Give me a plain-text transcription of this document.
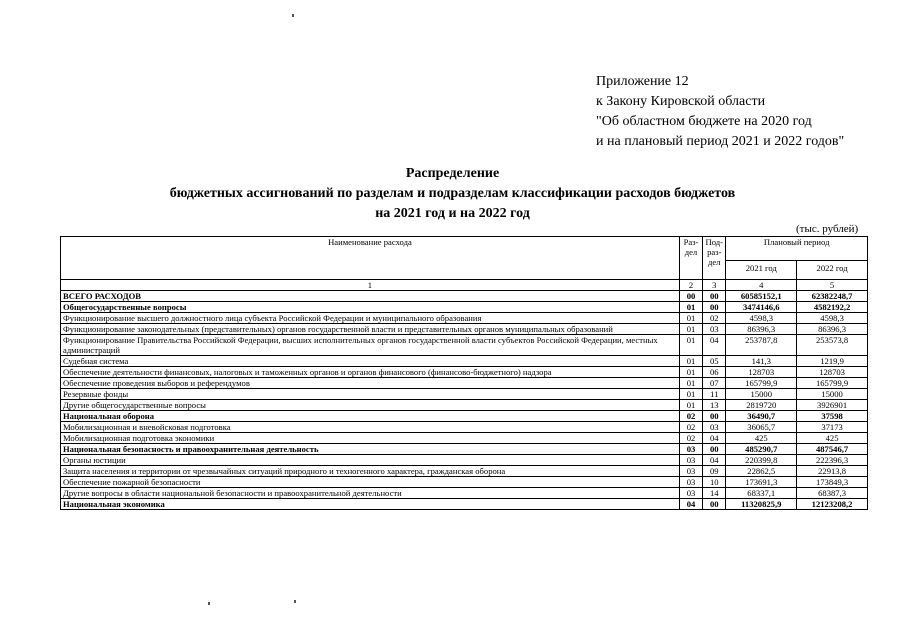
Приложение 12
к Закону Кировской области
"Об областном бюджете на 2020 год
и на плановый период 2021 и 2022 годов"
Распределение
бюджетных ассигнований по разделам и подразделам классификации расходов бюджетов
на 2021 год и на 2022 год
(тыс. рублей)
Наименование расхода	Раз-дел	Под-раз-дел	Плановый период	
			2021 год	2022 год
1	2	3	4	5
ВСЕГО РАСХОДОВ	00	00	60585152,1	62382248,7
Общегосударственные вопросы	01	00	3474146,6	4582192,2
Функционирование высшего должностного лица субъекта Российской Федерации и муниципального образования	01	02	4598,3	4598,3
Функционирование законодательных (представительных) органов государственной власти и представительных органов муниципальных образований	01	03	86396,3	86396,3
Функционирование Правительства Российской Федерации, высших исполнительных органов государственной власти субъектов Российской Федерации, местных администраций	01	04	253787,8	253573,8
Судебная система	01	05	141,3	1219,9
Обеспечение деятельности финансовых, налоговых и таможенных органов и органов финансового (финансово-бюджетного) надзора	01	06	128703	128703
Обеспечение проведения выборов и референдумов	01	07	165799,9	165799,9
Резервные фонды	01	11	15000	15000
Другие общегосударственные вопросы	01	13	2819720	3926901
Национальная оборона	02	00	36490,7	37598
Мобилизационная и вневойсковая подготовка	02	03	36065,7	37173
Мобилизационная подготовка экономики	02	04	425	425
Национальная безопасность и правоохранительная деятельность	03	00	485290,7	487546,7
Органы юстиции	03	04	220399,8	222396,3
Защита населения и территории от чрезвычайных ситуаций природного и техногенного характера, гражданская оборона	03	09	22862,5	22913,8
Обеспечение пожарной безопасности	03	10	173691,3	173849,3
Другие вопросы в области национальной безопасности и правоохранительной деятельности	03	14	68337,1	68387,3
Национальная экономика	04	00	11320825,9	12123208,2
